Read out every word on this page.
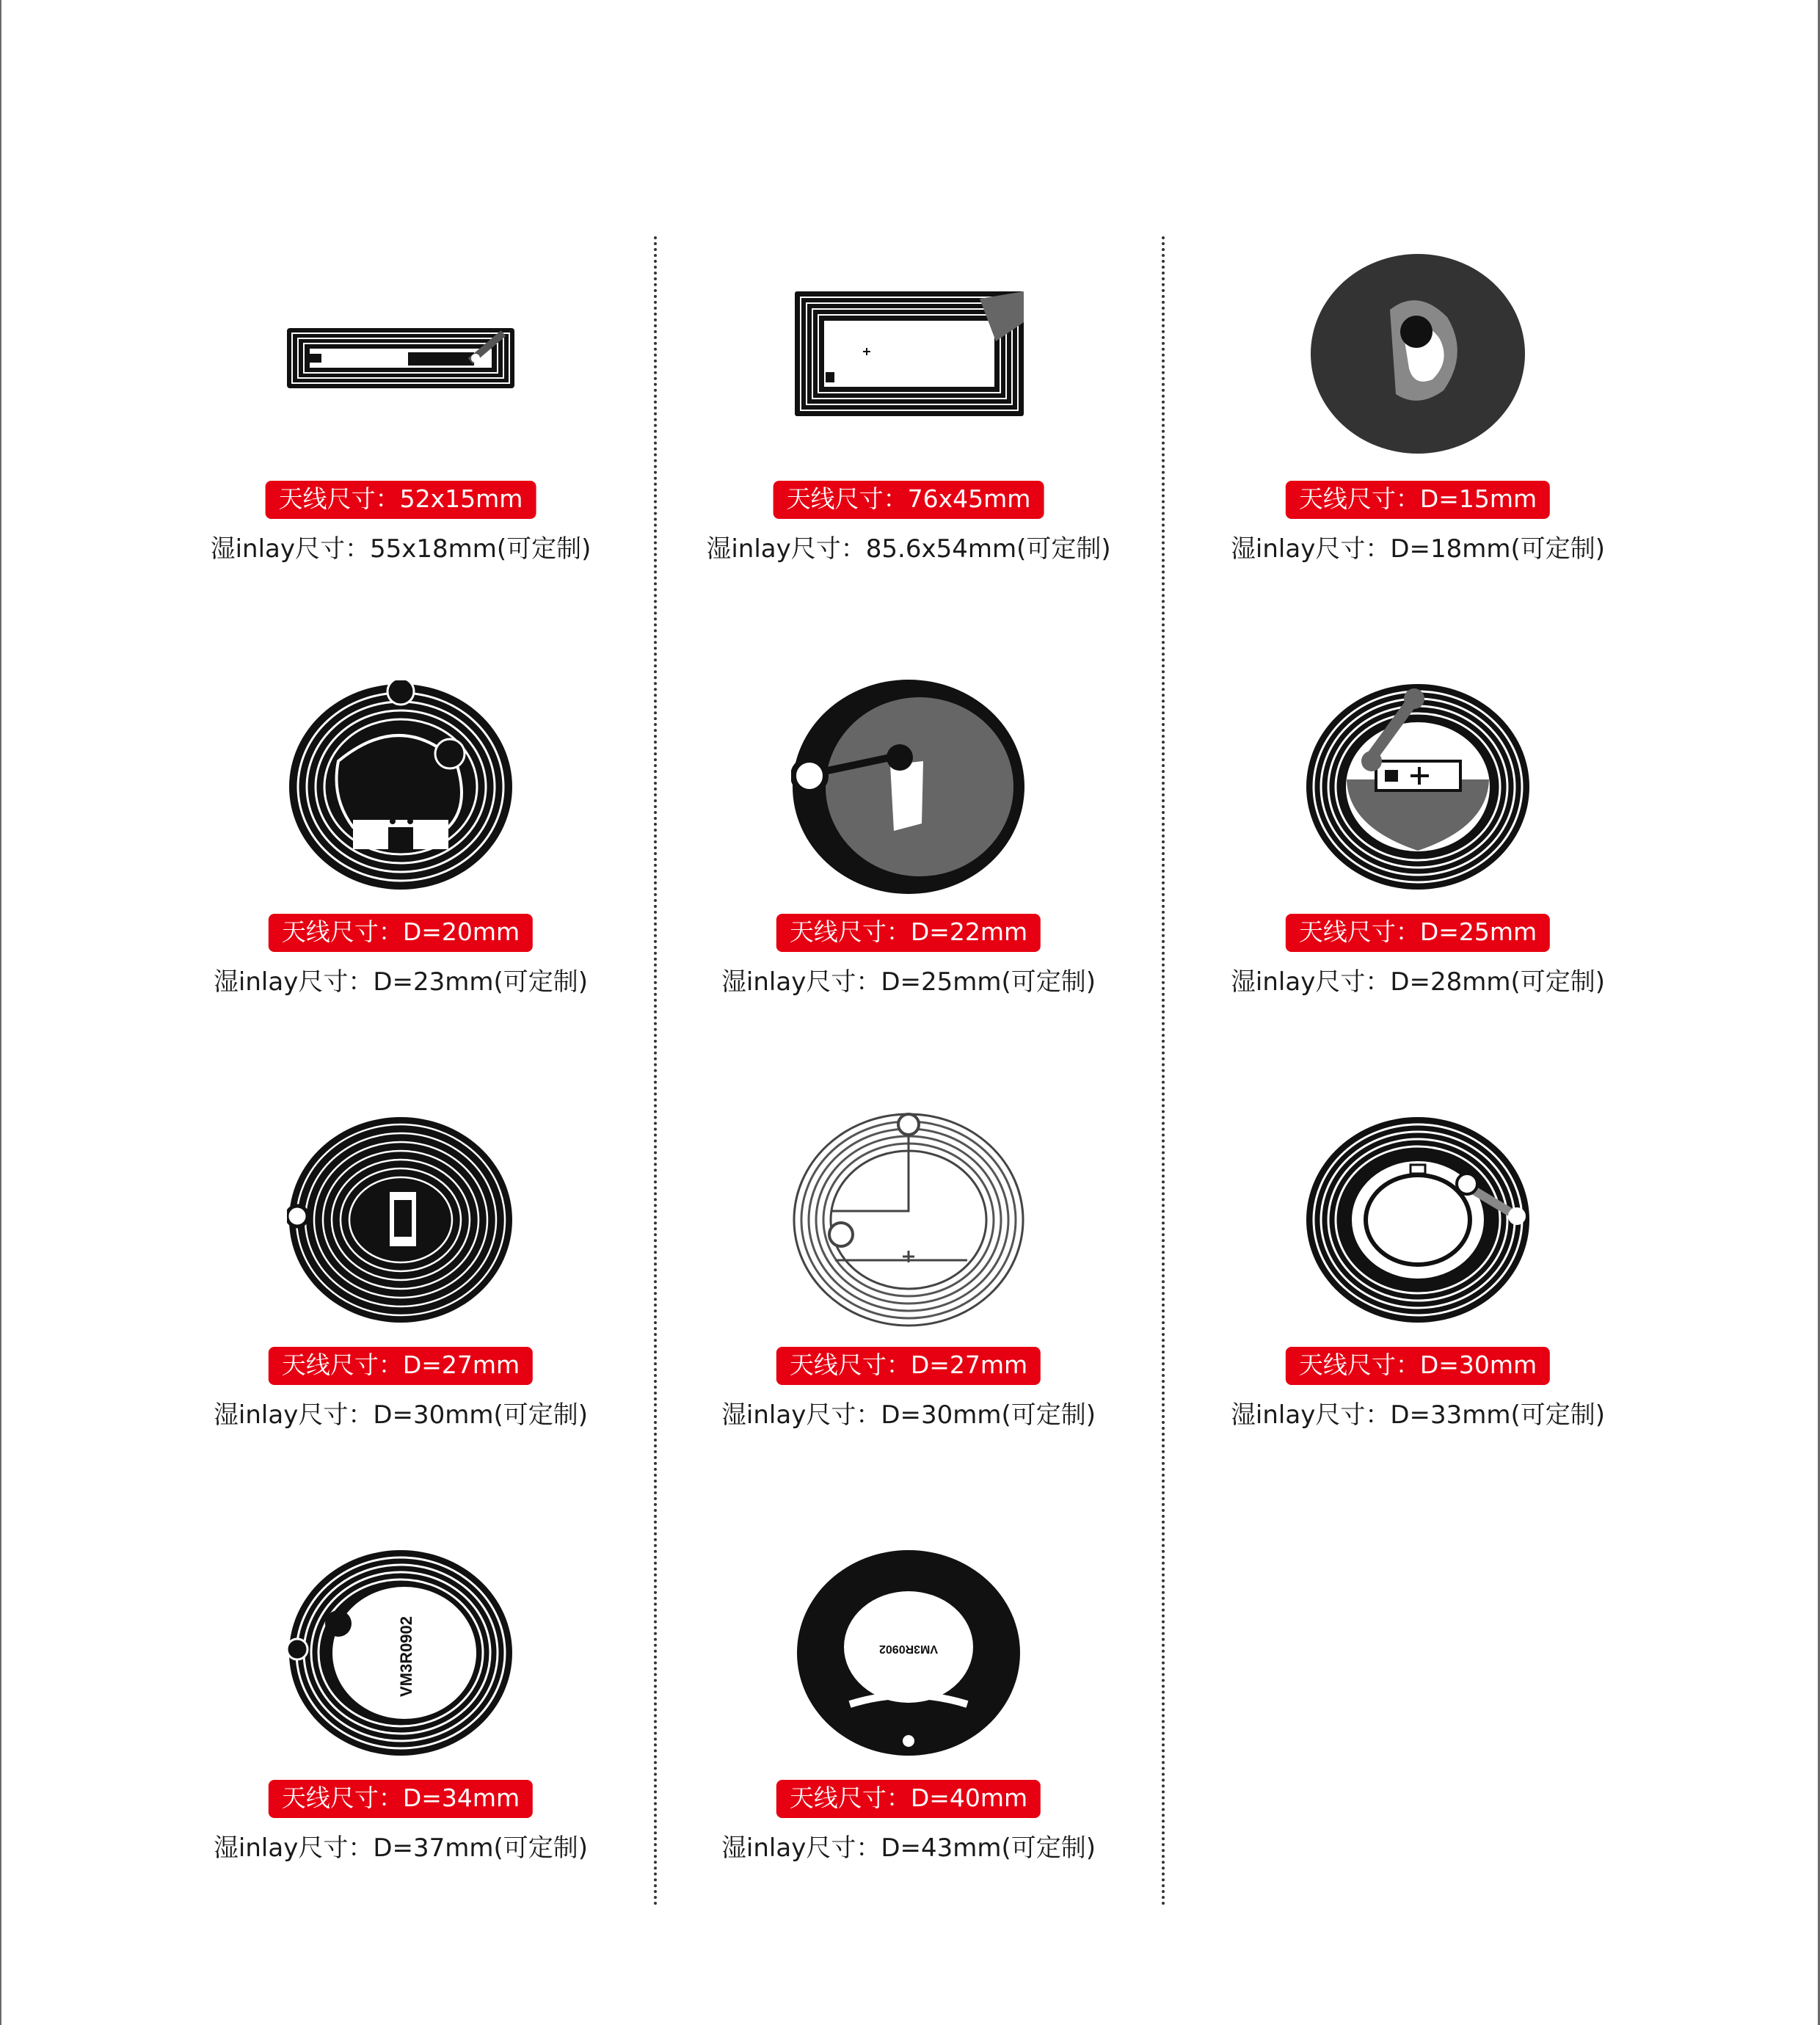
天线尺寸：52x15mm
湿inlay尺寸：55x18mm(可定制)
天线尺寸：76x45mm
湿inlay尺寸：85.6x54mm(可定制)
天线尺寸：D=15mm
湿inlay尺寸：D=18mm(可定制)
天线尺寸：D=20mm
湿inlay尺寸：D=23mm(可定制)
天线尺寸：D=22mm
湿inlay尺寸：D=25mm(可定制)
天线尺寸：D=25mm
湿inlay尺寸：D=28mm(可定制)
天线尺寸：D=27mm
湿inlay尺寸：D=30mm(可定制)
天线尺寸：D=27mm
湿inlay尺寸：D=30mm(可定制)
天线尺寸：D=30mm
湿inlay尺寸：D=33mm(可定制)
VM3R0902
天线尺寸：D=34mm
湿inlay尺寸：D=37mm(可定制)
VM3R0902
天线尺寸：D=40mm
湿inlay尺寸：D=43mm(可定制)
